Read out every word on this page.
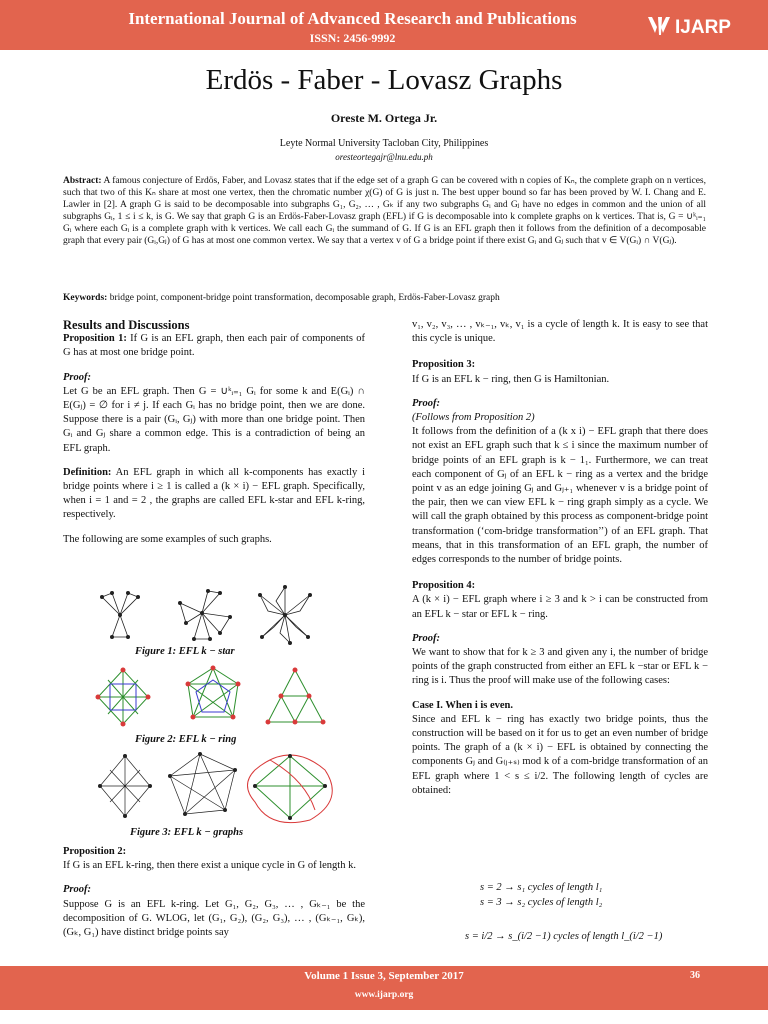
International Journal of Advanced Research and Publications
ISSN: 2456-9992	IJARP
Erdös - Faber - Lovasz Graphs
Oreste M. Ortega Jr.
Leyte Normal University Tacloban City, Philippines
oresteortegajr@lnu.edu.ph
Abstract: A famous conjecture of Erdös, Faber, and Lovasz states that if the edge set of a graph G can be covered with n copies of Kₙ, the complete graph on n vertices, such that two of this Kₙ share at most one vertex, then the chromatic number χ(G) of G is just n. The best upper bound so far has been proved by W. I. Chang and E. Lawler in [2]. A graph G is said to be decomposable into subgraphs G₁, G₂, … , Gₖ if any two subgraphs Gᵢ and Gⱼ have no edges in common and the union of all subgraphs Gᵢ, 1 ≤ i ≤ k, is G. We say that graph G is an Erdös-Faber-Lovasz graph (EFL) if G is decomposable into k complete graphs on k vertices. That is, G = ∪ᵏᵢ₌₁ Gᵢ where each Gᵢ is a complete graph with k vertices. We call each Gᵢ the summand of G. If G is an EFL graph then it follows from the definition of a decomposable graph that every pair (Gᵢ,Gⱼ) of G has at most one common vertex. We say that a vertex v of G a bridge point if there exist Gᵢ and Gⱼ such that v ∈ V(Gᵢ) ∩ V(Gⱼ).
Keywords: bridge point, component-bridge point transformation, decomposable graph, Erdös-Faber-Lovasz graph

Results and Discussions

Proposition 1: If G is an EFL graph, then each pair of components of G has at most one bridge point.

Proof:

Let G be an EFL graph. Then G = ∪ᵏᵢ₌₁ Gᵢ for some k and E(Gᵢ) ∩ E(Gⱼ) = ∅ for i ≠ j. If each Gᵢ has no bridge point, then we are done. Suppose there is a pair (Gᵢ, Gⱼ) with more than one bridge point. Then Gᵢ and Gⱼ share a common edge. This is a contradiction of being an EFL graph.

Definition: An EFL graph in which all k-components has exactly i bridge points where i ≥ 1 is called a (k × i) − EFL graph. Specifically, when i = 1 and = 2 , the graphs are called EFL k-star and EFL k-ring, respectively.

The following are some examples of such graphs.

Figure 1: EFL k − star
Figure 2: EFL k − ring
Figure 3: EFL k − graphs

Proposition 2:

If G is an EFL k-ring, then there exist a unique cycle in G of length k.

Proof:

Suppose G is an EFL k-ring. Let G₁, G₂, G₃, … , Gₖ₋₁ be the decomposition of G. WLOG, let (G₁, G₂), (G₂, G₃), … , (Gₖ₋₁, Gₖ), (Gₖ, G₁) have distinct bridge points say

v₁, v₂, v₃, … , vₖ₋₁, vₖ, v₁ is a cycle of length k. It is easy to see that this cycle is unique.

Proposition 3:

If G is an EFL k − ring, then G is Hamiltonian.

Proof:

(Follows from Proposition 2)

It follows from the definition of a (k x i) − EFL graph that there does not exist an EFL graph such that k ≤ i since the maximum number of bridge points of an EFL graph is k − 1₁. Furthermore, we can treat each component of Gⱼ of an EFL k − ring as a vertex and the bridge point v as an edge joining Gⱼ and Gⱼ₊₁ whenever v is a bridge point of the pair, then we can view EFL k − ring graph simply as a cycle. We will call the graph obtained by this process as component-bridge point transformation (‘com-bridge transformation’’) of an EFL graph. That means, that in this transformation of an EFL graph, the number of edges corresponds to the number of bridge points.

Proposition 4:

A (k × i) − EFL graph where i ≥ 3 and k > i can be constructed from an EFL k − star or EFL k − ring.

Proof:

We want to show that for k ≥ 3 and given any i, the number of bridge points of the graph constructed from either an EFL k −star or EFL k − ring is i. Thus the proof will make use of the following cases:

Case I. When i is even.

Since and EFL k − ring has exactly two bridge points, thus the construction will be based on it for us to get an even number of bridge points. The graph of a (k × i) − EFL is obtained by connecting the components Gⱼ and G₍ⱼ₊ₛ₎ mod k of a com-bridge transformation of an EFL graph where 1 < s ≤ i/2. The following length of cycles are obtained:

s = 2 → s₁ cycles of length l₁
s = 3 → s₂ cycles of length l₂
s = i/2 → s_(i/2 −1) cycles of length l_(i/2 −1)
Volume 1 Issue 3, September 2017
www.ijarp.org
36
